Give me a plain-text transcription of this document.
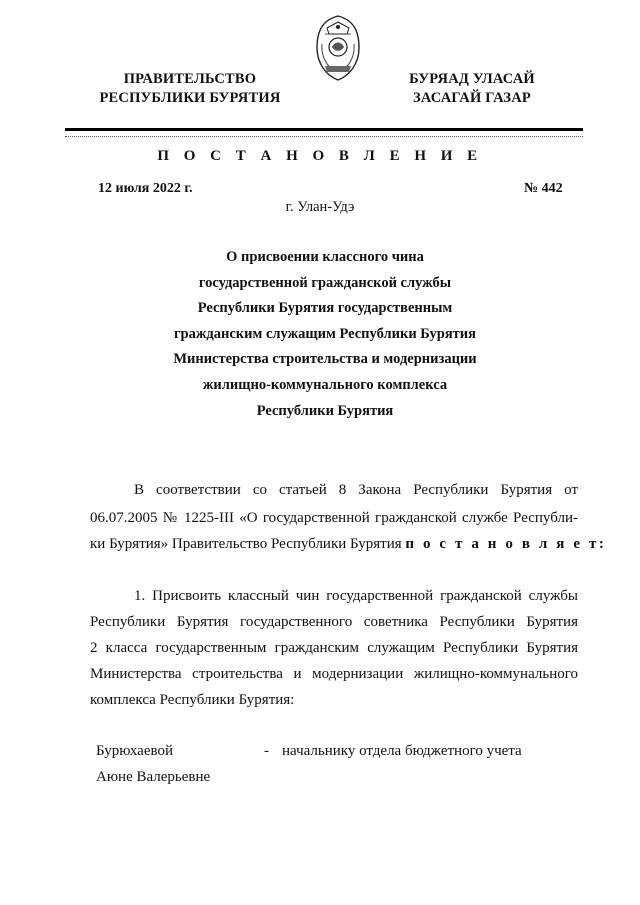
ПРАВИТЕЛЬСТВО
РЕСПУБЛИКИ БУРЯТИЯ
БУРЯАД УЛАСАЙ
ЗАСАГАЙ ГАЗАР
П О С Т А Н О В Л Е Н И Е
12 июля 2022 г.	№ 442
г. Улан-Удэ
О присвоении классного чина
государственной гражданской службы
Республики Бурятия государственным
гражданским служащим Республики Бурятия
Министерства строительства и модернизации
жилищно-коммунального комплекса
Республики Бурятия
В соответствии со статьей 8 Закона Республики Бурятия от
06.07.2005 № 1225-III «О государственной гражданской службе Республи-
ки Бурятия» Правительство Республики Бурятия п о с т а н о в л я е т:
1. Присвоить классный чин государственной гражданской службы
Республики Бурятия государственного советника Республики Бурятия
2 класса государственным гражданским служащим Республики Бурятия
Министерства строительства и модернизации жилищно-коммунального
комплекса Республики Бурятия:
Бурюхаевой
Аюне Валерьевне
- начальнику отдела бюджетного учета
